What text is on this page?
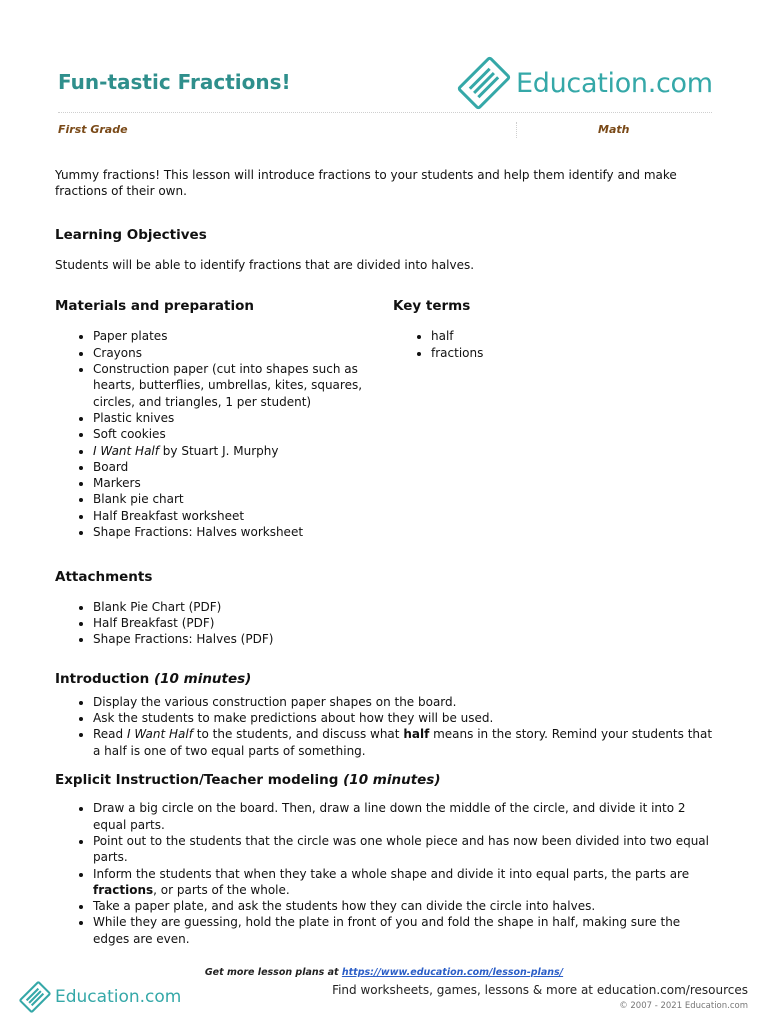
Fun-tastic Fractions!	Education.com
First Grade	Math

Yummy fractions! This lesson will introduce fractions to your students and help them identify and make fractions of their own.

Learning Objectives

Students will be able to identify fractions that are divided into halves.

Materials and preparation
• Paper plates
• Crayons
• Construction paper (cut into shapes such as hearts, butterflies, umbrellas, kites, squares, circles, and triangles, 1 per student)
• Plastic knives
• Soft cookies
• I Want Half by Stuart J. Murphy
• Board
• Markers
• Blank pie chart
• Half Breakfast worksheet
• Shape Fractions: Halves worksheet
Key terms
• half
• fractions
Attachments
• Blank Pie Chart (PDF)
• Half Breakfast (PDF)
• Shape Fractions: Halves (PDF)
Introduction (10 minutes)
• Display the various construction paper shapes on the board.
• Ask the students to make predictions about how they will be used.
• Read I Want Half to the students, and discuss what half means in the story. Remind your students that a half is one of two equal parts of something.
Explicit Instruction/Teacher modeling (10 minutes)
• Draw a big circle on the board. Then, draw a line down the middle of the circle, and divide it into 2 equal parts.
• Point out to the students that the circle was one whole piece and has now been divided into two equal parts.
• Inform the students that when they take a whole shape and divide it into equal parts, the parts are fractions, or parts of the whole.
• Take a paper plate, and ask the students how they can divide the circle into halves.
• While they are guessing, hold the plate in front of you and fold the shape in half, making sure the edges are even.
Get more lesson plans at https://www.education.com/lesson-plans/
Education.com	Find worksheets, games, lessons & more at education.com/resources
© 2007 - 2021 Education.com
